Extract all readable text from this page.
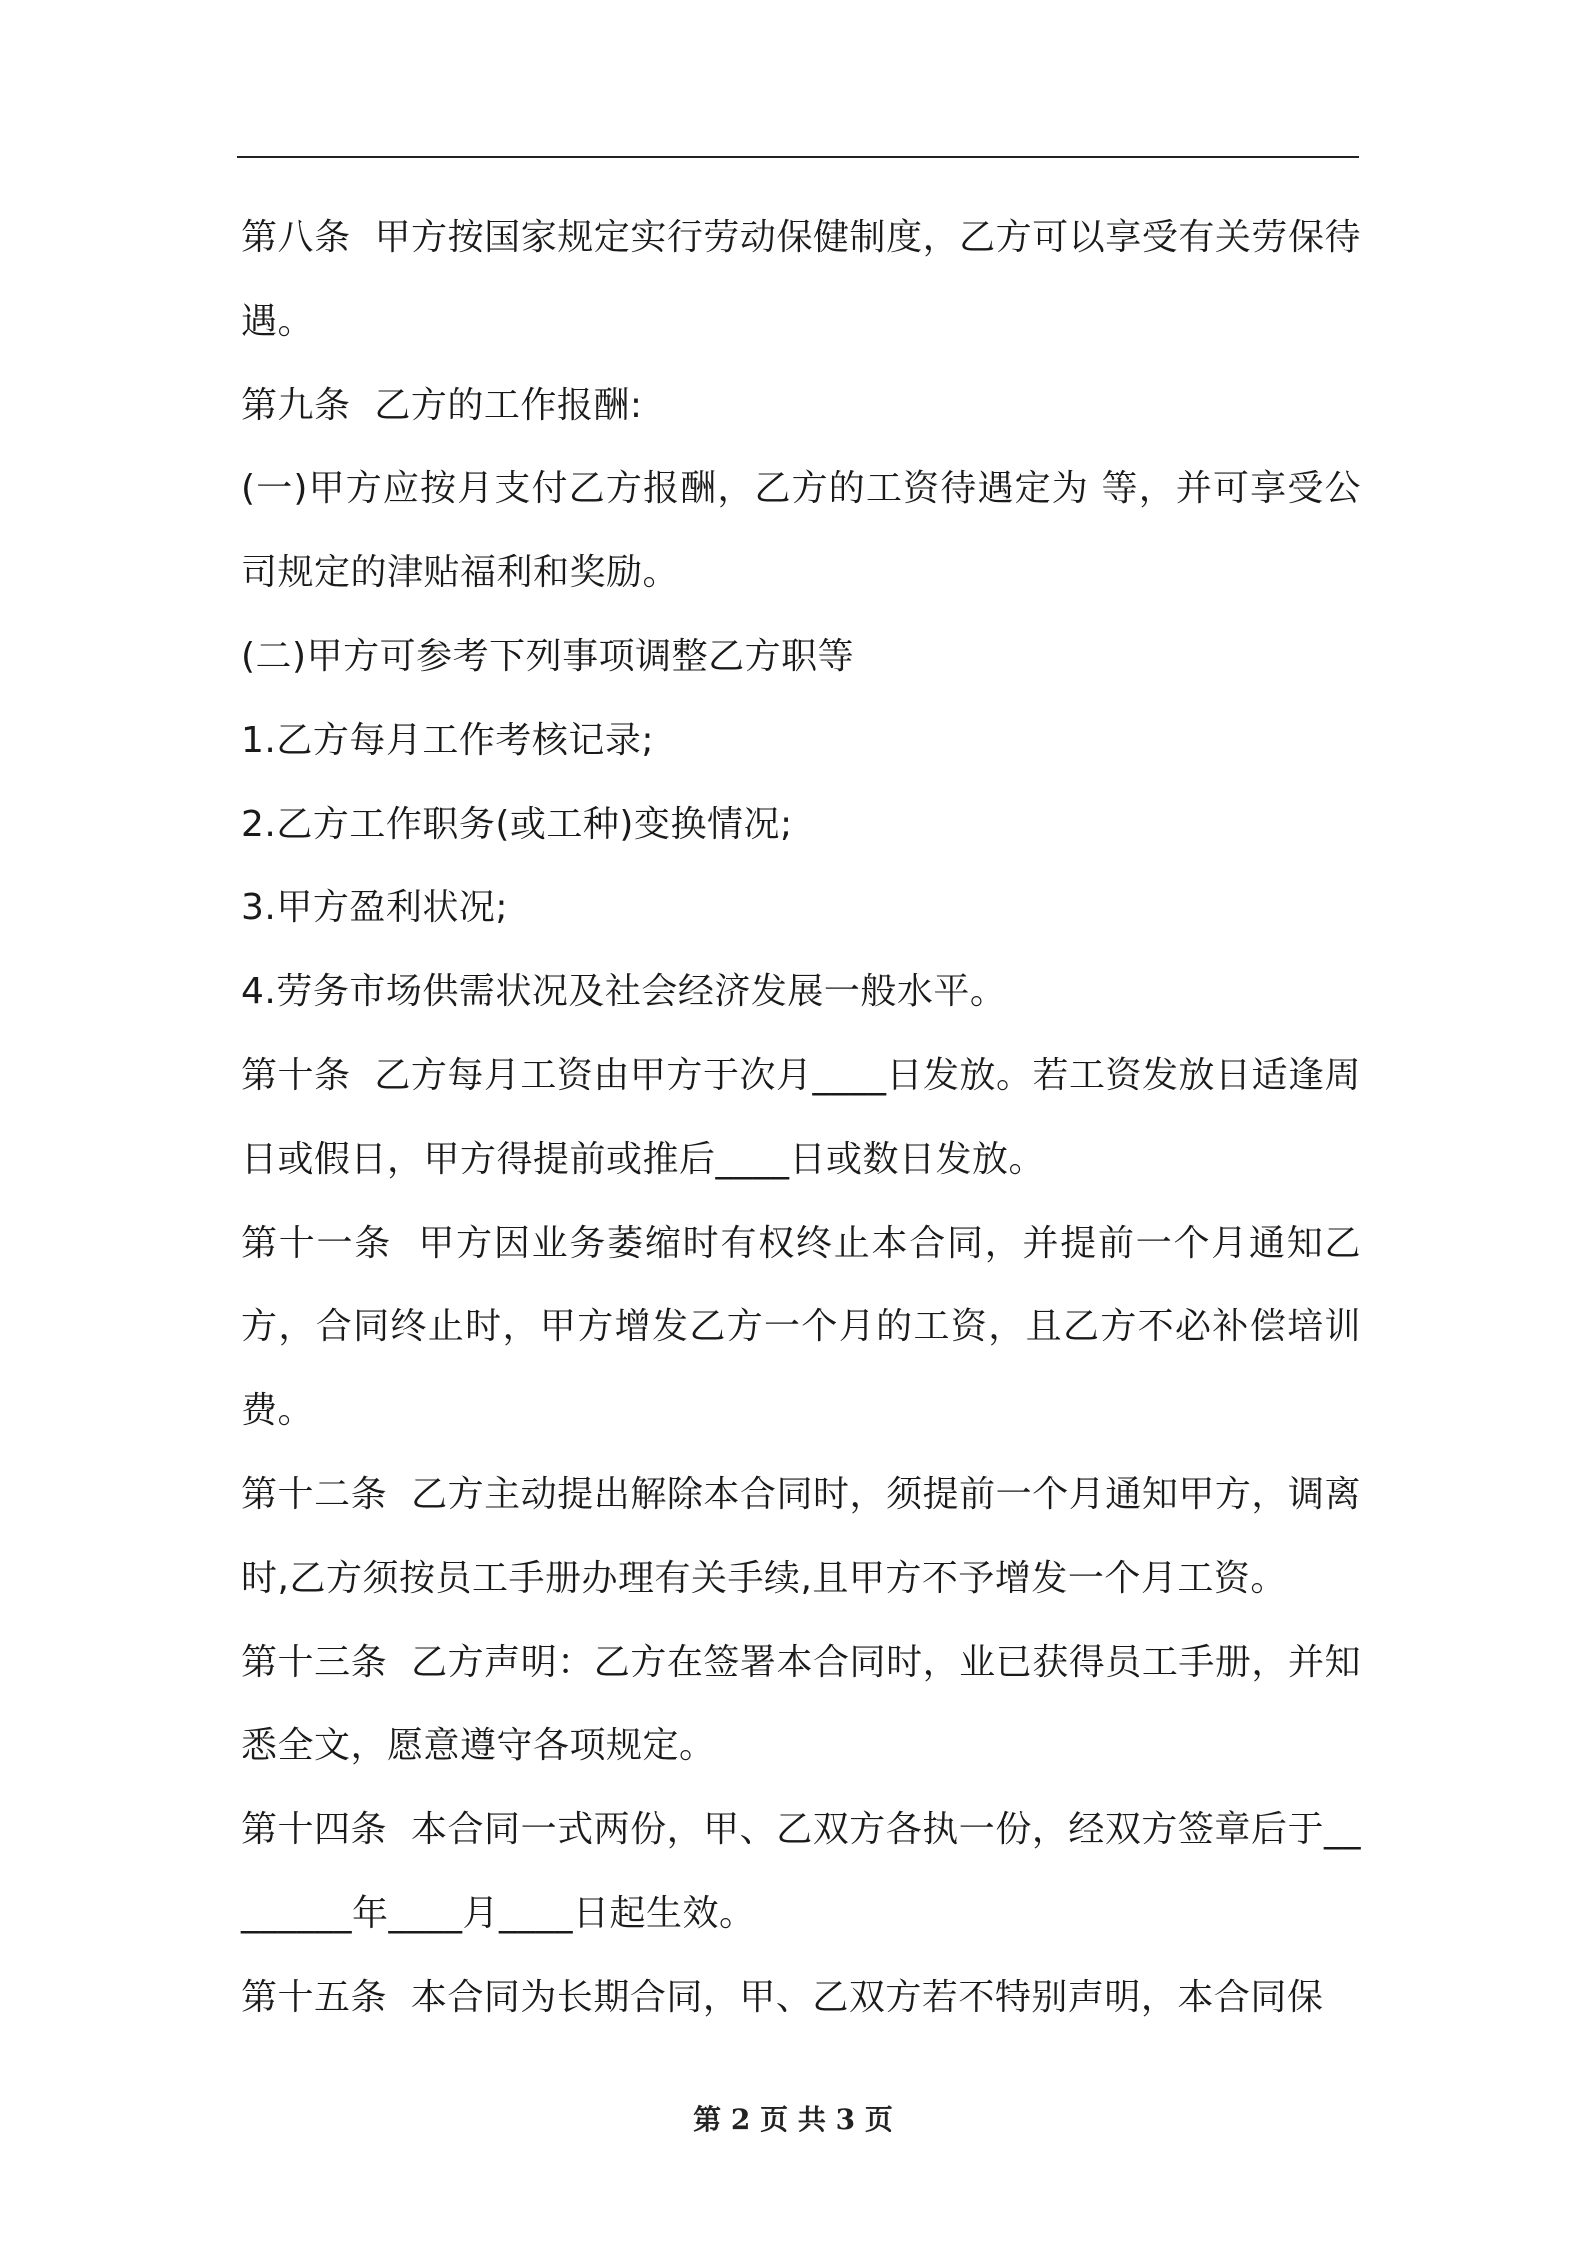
第八条  甲方按国家规定实行劳动保健制度，乙方可以享受有关劳保待遇。

第九条  乙方的工作报酬:

(一)甲方应按月支付乙方报酬，乙方的工资待遇定为 等，并可享受公司规定的津贴福利和奖励。

(二)甲方可参考下列事项调整乙方职等

1.乙方每月工作考核记录;

2.乙方工作职务(或工种)变换情况;

3.甲方盈利状况;

4.劳务市场供需状况及社会经济发展一般水平。

第十条  乙方每月工资由甲方于次月____日发放。若工资发放日适逢周日或假日，甲方得提前或推后____日或数日发放。

第十一条  甲方因业务萎缩时有权终止本合同，并提前一个月通知乙方，合同终止时，甲方增发乙方一个月的工资，且乙方不必补偿培训费。

第十二条  乙方主动提出解除本合同时，须提前一个月通知甲方，调离时,乙方须按员工手册办理有关手续,且甲方不予增发一个月工资。

第十三条  乙方声明：乙方在签署本合同时，业已获得员工手册，并知悉全文，愿意遵守各项规定。

第十四条  本合同一式两份，甲、乙双方各执一份，经双方签章后于________年____月____日起生效。

第十五条  本合同为长期合同，甲、乙双方若不特别声明，本合同保

第 2 页 共 3 页
